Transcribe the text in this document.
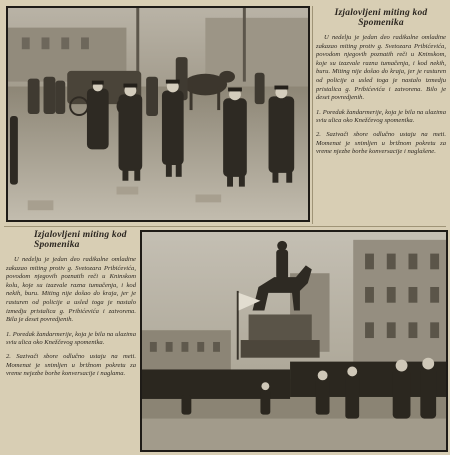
Izjalovljeni miting kod Spomenika

U nedelju je jedan deo radikalne omladine zakazao miting protiv g. Svetozara Pribićevića, povodom njegovih poznatih reči u Kninskom, koje su izazvale razna tumačenja, i kod nekih, buru. Miting nije došao do kraja, jer je rasturen od policije a usled toga je nastalo izmedju pristalica g. Pribićevića i zatvorena. Bilo je deset povredjenih.

1. Poredak žandarmerije, koja je bila na ulazima sviu ulica oko Knežčevog spomenika.
2. Sazivači sbore odlučno ustaju na meti. Momenat je snimljen u brižnom pokretu za vreme njezbe borbe konversacije i naglašene.
Izjalovljeni miting kod Spomenika

U nedelju je jedan deo radikalne omladine zakazao miting protiv g. Svetozara Pribićevića, povodom njegovih poznatih reči u Kninskom kolu, koje su izazvale razna tumačenja, i kod nekih, buru. Miting nije došao do kraja, jer je rasturen od policije a usled toga je nastalo izmedju pristalica g. Pribićevića i zatvorena. Bila je deset povredjenih.

1. Poredak žandarmerije, koja je bila na ulazima sviu ulica oko Knežčevog spomenika.
2. Sazivači sbore odlučno ustaju na meti. Momenat je snimljen u brižnom pokretu za vreme nejezbe borbe konversacije i naglama.
